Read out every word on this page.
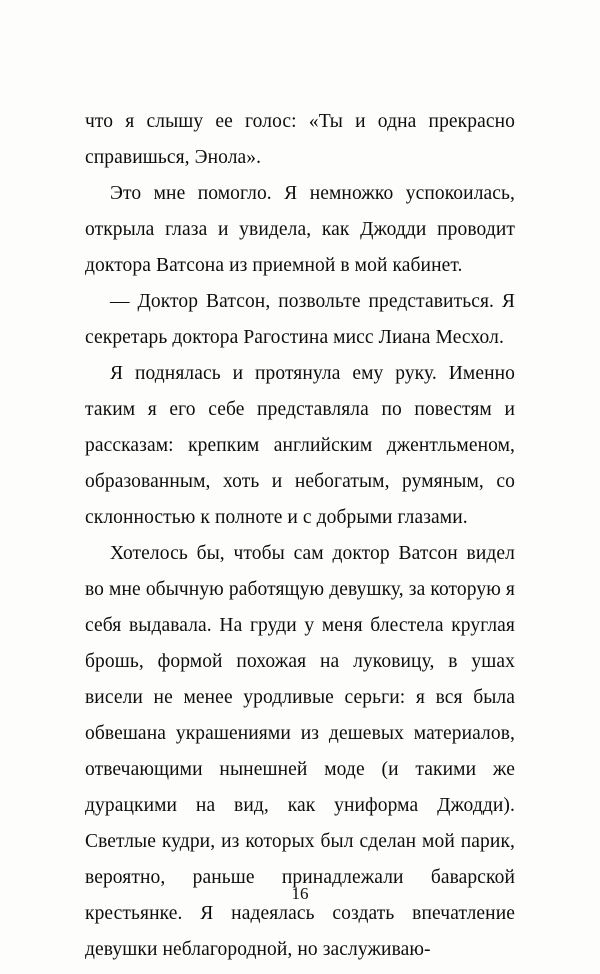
что я слышу ее голос: «Ты и одна прекрасно справишься, Энола».

Это мне помогло. Я немножко успокоилась, открыла глаза и увидела, как Джодди проводит доктора Ватсона из приемной в мой кабинет.

— Доктор Ватсон, позвольте представиться. Я секретарь доктора Рагостина мисс Лиана Месхол.

Я поднялась и протянула ему руку. Именно таким я его себе представляла по повестям и рассказам: крепким английским джентльменом, образованным, хоть и небогатым, румяным, со склонностью к полноте и с добрыми глазами.

Хотелось бы, чтобы сам доктор Ватсон видел во мне обычную работящую девушку, за которую я себя выдавала. На груди у меня блестела круглая брошь, формой похожая на луковицу, в ушах висели не менее уродливые серьги: я вся была обвешана украшениями из дешевых материалов, отвечающими нынешней моде (и такими же дурацкими на вид, как униформа Джодди). Светлые кудри, из которых был сделан мой парик, вероятно, раньше принадлежали баварской крестьянке. Я надеялась создать впечатление девушки неблагородной, но заслуживаю-

16
